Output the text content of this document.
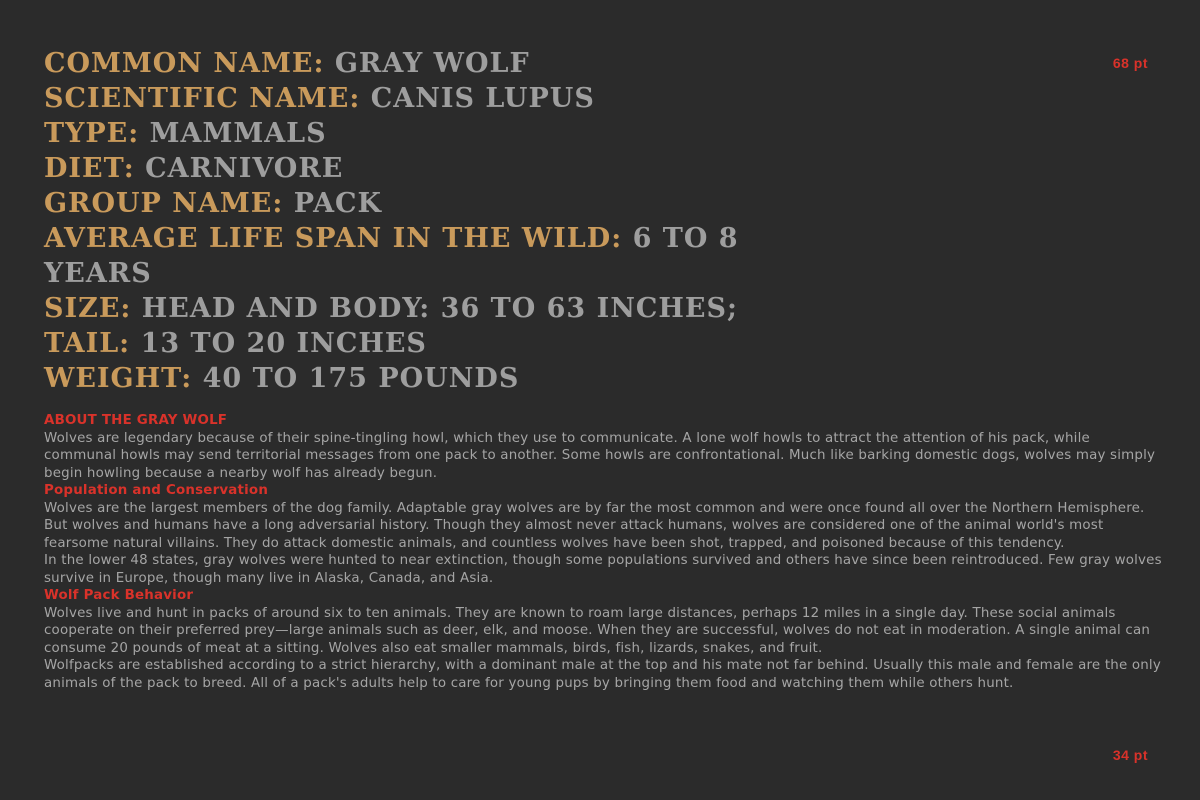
68 pt
COMMON NAME: GRAY WOLF
SCIENTIFIC NAME: CANIS LUPUS
TYPE: MAMMALS
DIET: CARNIVORE
GROUP NAME: PACK
AVERAGE LIFE SPAN IN THE WILD: 6 TO 8
YEARS
SIZE: HEAD AND BODY: 36 TO 63 INCHES;
TAIL: 13 TO 20 INCHES
WEIGHT: 40 TO 175 POUNDS

ABOUT THE GRAY WOLF

Wolves are legendary because of their spine-tingling howl, which they use to communicate. A lone wolf howls to attract the attention of his pack, while communal howls may send territorial messages from one pack to another. Some howls are confrontational. Much like barking domestic dogs, wolves may simply begin howling because a nearby wolf has already begun.

Population and Conservation

Wolves are the largest members of the dog family. Adaptable gray wolves are by far the most common and were once found all over the Northern Hemisphere. But wolves and humans have a long adversarial history. Though they almost never attack humans, wolves are considered one of the animal world's most fearsome natural villains. They do attack domestic animals, and countless wolves have been shot, trapped, and poisoned because of this tendency.

In the lower 48 states, gray wolves were hunted to near extinction, though some populations survived and others have since been reintroduced. Few gray wolves survive in Europe, though many live in Alaska, Canada, and Asia.

Wolf Pack Behavior

Wolves live and hunt in packs of around six to ten animals. They are known to roam large distances, perhaps 12 miles in a single day. These social animals cooperate on their preferred prey—large animals such as deer, elk, and moose. When they are successful, wolves do not eat in moderation. A single animal can consume 20 pounds of meat at a sitting. Wolves also eat smaller mammals, birds, fish, lizards, snakes, and fruit.

Wolfpacks are established according to a strict hierarchy, with a dominant male at the top and his mate not far behind. Usually this male and female are the only animals of the pack to breed. All of a pack's adults help to care for young pups by bringing them food and watching them while others hunt.

34 pt
